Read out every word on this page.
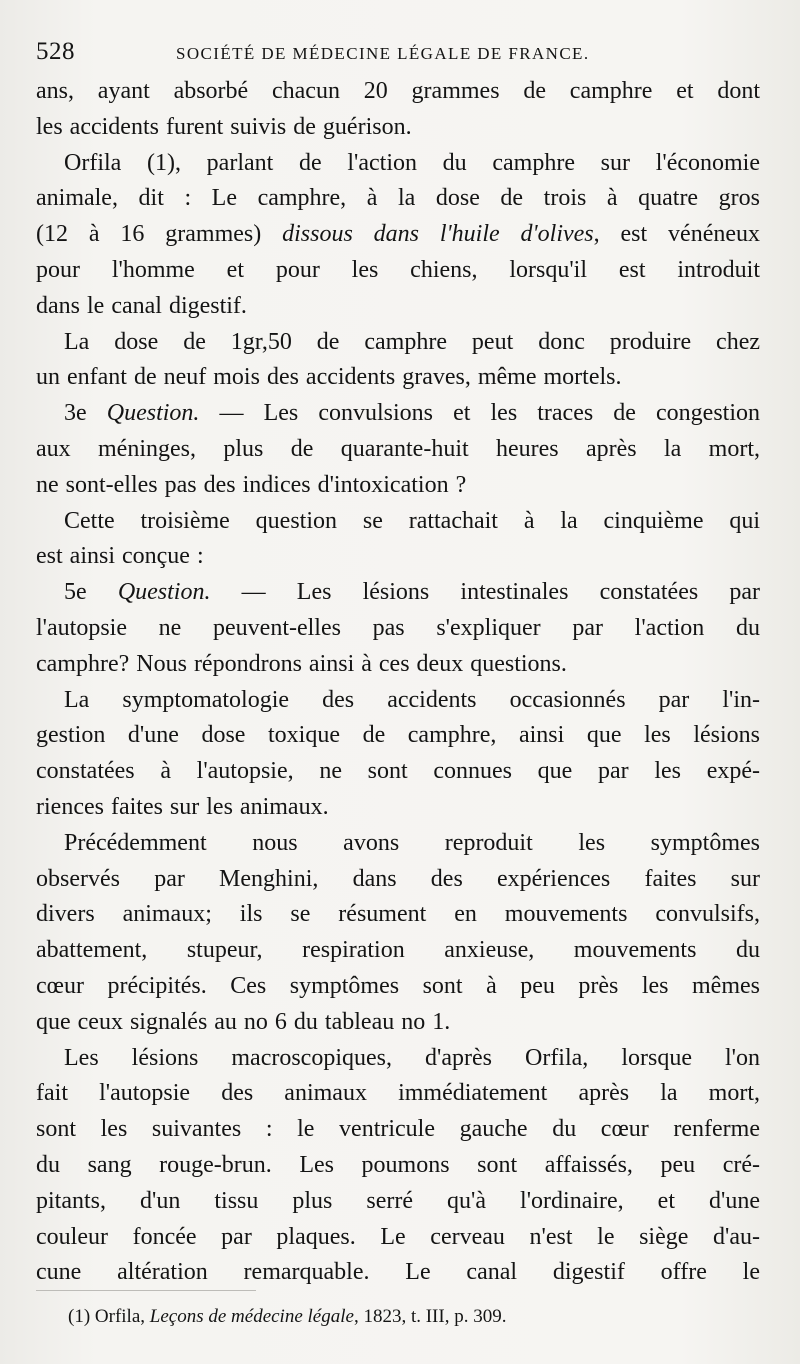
528	SOCIÉTÉ DE MÉDECINE LÉGALE DE FRANCE.
ans, ayant absorbé chacun 20 grammes de camphre et dont
les accidents furent suivis de guérison.
Orfila (1), parlant de l'action du camphre sur l'économie
animale, dit : Le camphre, à la dose de trois à quatre gros
(12 à 16 grammes) dissous dans l'huile d'olives, est vénéneux
pour l'homme et pour les chiens, lorsqu'il est introduit
dans le canal digestif.
La dose de 1gr,50 de camphre peut donc produire chez
un enfant de neuf mois des accidents graves, même mortels.
3e Question. — Les convulsions et les traces de congestion
aux méninges, plus de quarante-huit heures après la mort,
ne sont-elles pas des indices d'intoxication ?
Cette troisième question se rattachait à la cinquième qui
est ainsi conçue :
5e Question. — Les lésions intestinales constatées par
l'autopsie ne peuvent-elles pas s'expliquer par l'action du
camphre? Nous répondrons ainsi à ces deux questions.
La symptomatologie des accidents occasionnés par l'in-
gestion d'une dose toxique de camphre, ainsi que les lésions
constatées à l'autopsie, ne sont connues que par les expé-
riences faites sur les animaux.
Précédemment nous avons reproduit les symptômes
observés par Menghini, dans des expériences faites sur
divers animaux; ils se résument en mouvements convulsifs,
abattement, stupeur, respiration anxieuse, mouvements du
cœur précipités. Ces symptômes sont à peu près les mêmes
que ceux signalés au no 6 du tableau no 1.
Les lésions macroscopiques, d'après Orfila, lorsque l'on
fait l'autopsie des animaux immédiatement après la mort,
sont les suivantes : le ventricule gauche du cœur renferme
du sang rouge-brun. Les poumons sont affaissés, peu cré-
pitants, d'un tissu plus serré qu'à l'ordinaire, et d'une
couleur foncée par plaques. Le cerveau n'est le siège d'au-
cune altération remarquable. Le canal digestif offre le
(1) Orfila, Leçons de médecine légale, 1823, t. III, p. 309.
